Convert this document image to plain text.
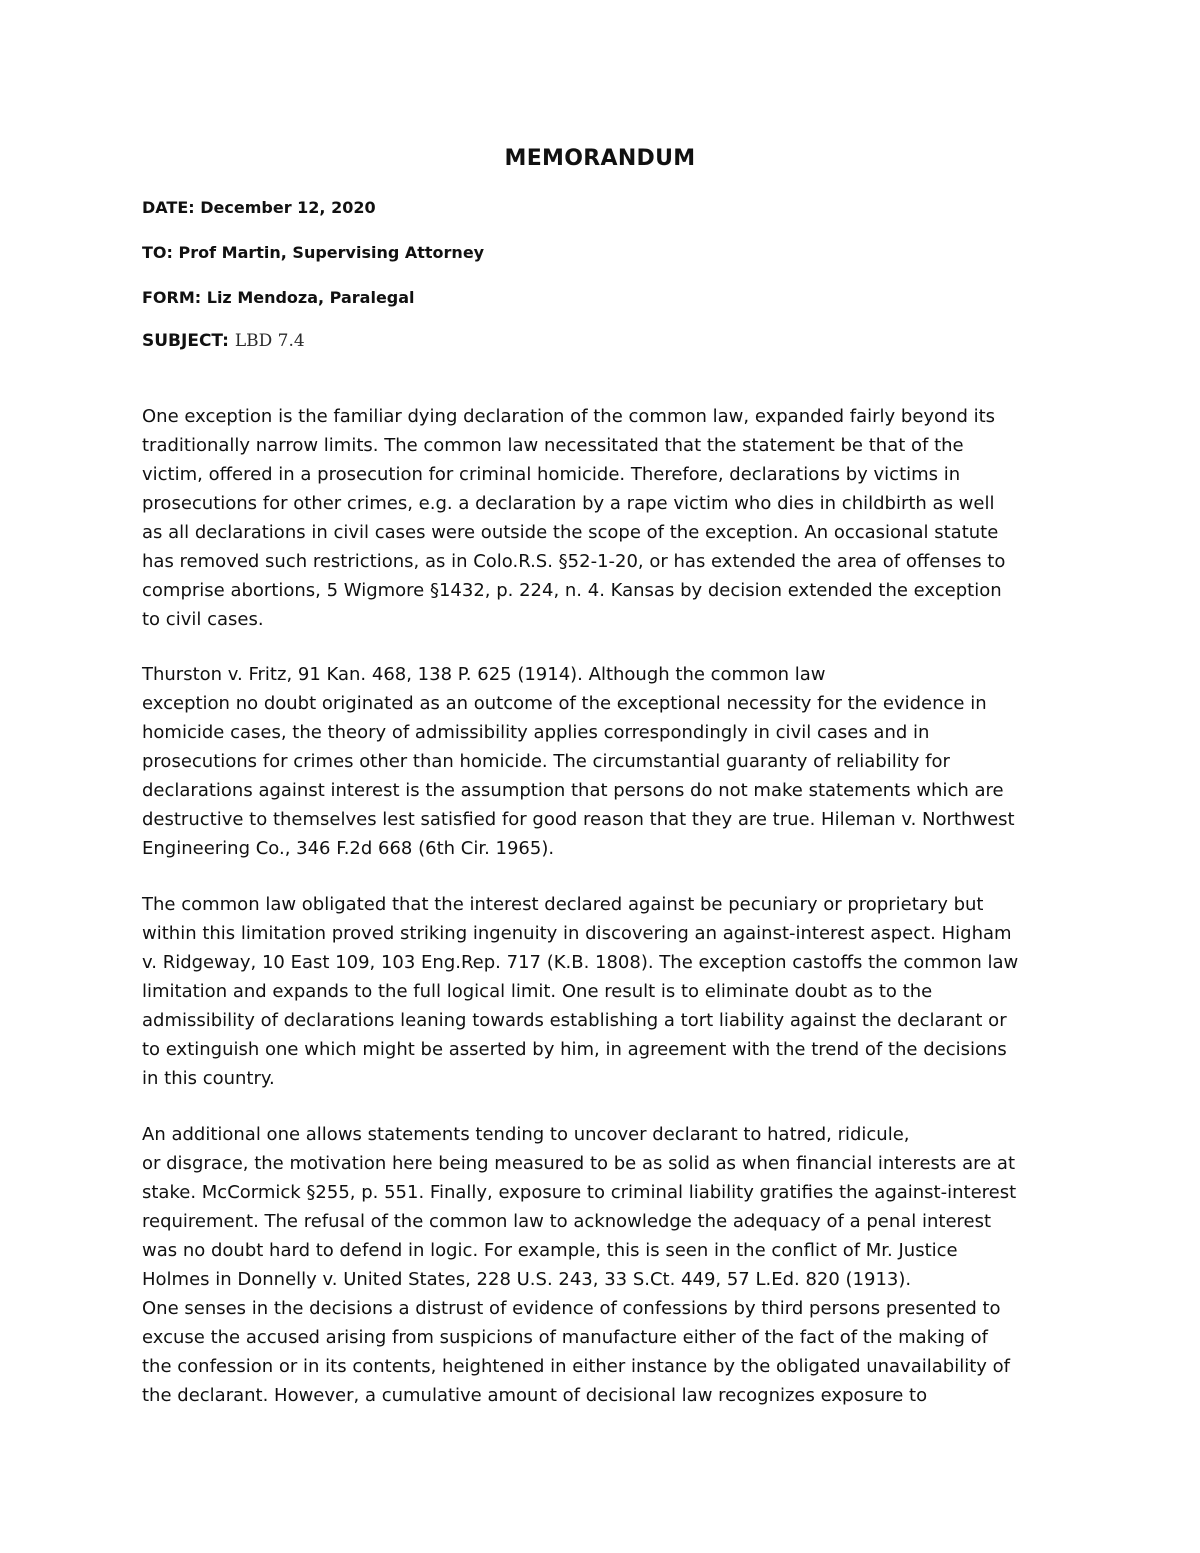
MEMORANDUM
DATE: December 12, 2020
TO: Prof Martin, Supervising Attorney
FORM: Liz Mendoza, Paralegal
SUBJECT: LBD 7.4
One exception is the familiar dying declaration of the common law, expanded fairly beyond its
traditionally narrow limits. The common law necessitated that the statement be that of the
victim, offered in a prosecution for criminal homicide. Therefore, declarations by victims in
prosecutions for other crimes, e.g. a declaration by a rape victim who dies in childbirth as well
as all declarations in civil cases were outside the scope of the exception. An occasional statute
has removed such restrictions, as in Colo.R.S. §52-1-20, or has extended the area of offenses to
comprise abortions, 5 Wigmore §1432, p. 224, n. 4. Kansas by decision extended the exception
to civil cases.
Thurston v. Fritz, 91 Kan. 468, 138 P. 625 (1914). Although the common law
exception no doubt originated as an outcome of the exceptional necessity for the evidence in
homicide cases, the theory of admissibility applies correspondingly in civil cases and in
prosecutions for crimes other than homicide. The circumstantial guaranty of reliability for
declarations against interest is the assumption that persons do not make statements which are
destructive to themselves lest satisfied for good reason that they are true. Hileman v. Northwest
Engineering Co., 346 F.2d 668 (6th Cir. 1965).
The common law obligated that the interest declared against be pecuniary or proprietary but
within this limitation proved striking ingenuity in discovering an against-interest aspect. Higham
v. Ridgeway, 10 East 109, 103 Eng.Rep. 717 (K.B. 1808). The exception castoffs the common law
limitation and expands to the full logical limit. One result is to eliminate doubt as to the
admissibility of declarations leaning towards establishing a tort liability against the declarant or
to extinguish one which might be asserted by him, in agreement with the trend of the decisions
in this country.
An additional one allows statements tending to uncover declarant to hatred, ridicule,
or disgrace, the motivation here being measured to be as solid as when financial interests are at
stake. McCormick §255, p. 551. Finally, exposure to criminal liability gratifies the against-interest
requirement. The refusal of the common law to acknowledge the adequacy of a penal interest
was no doubt hard to defend in logic. For example, this is seen in the conflict of Mr. Justice
Holmes in Donnelly v. United States, 228 U.S. 243, 33 S.Ct. 449, 57 L.Ed. 820 (1913).
One senses in the decisions a distrust of evidence of confessions by third persons presented to
excuse the accused arising from suspicions of manufacture either of the fact of the making of
the confession or in its contents, heightened in either instance by the obligated unavailability of
the declarant. However, a cumulative amount of decisional law recognizes exposure to
